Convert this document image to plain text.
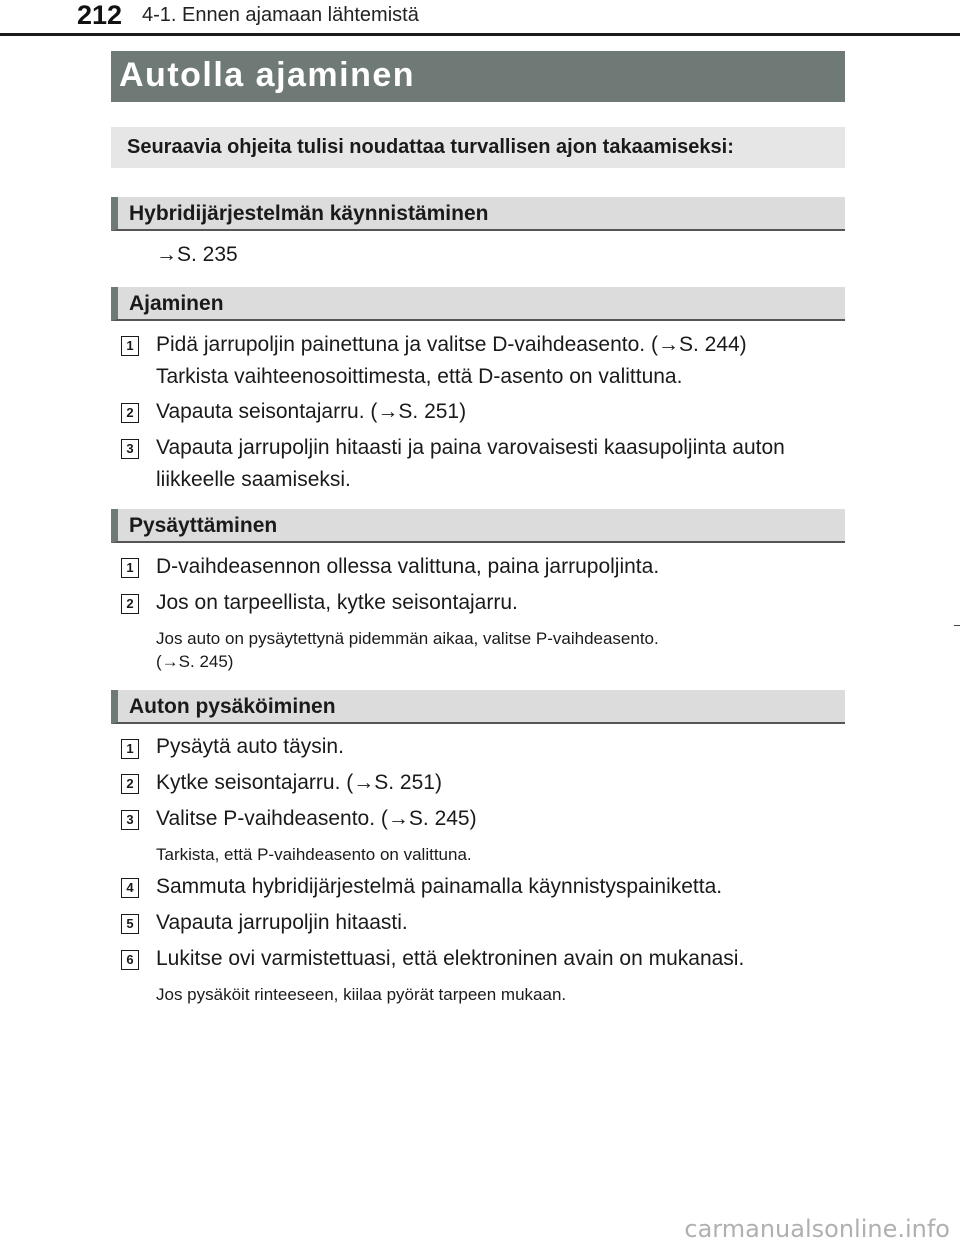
212 4-1. Ennen ajamaan lähtemistä
Autolla ajaminen
Seuraavia ohjeita tulisi noudattaa turvallisen ajon takaamiseksi:
Hybridijärjestelmän käynnistäminen
→S. 235
Ajaminen
1 Pidä jarrupoljin painettuna ja valitse D-vaihdeasento. (→S. 244)
Tarkista vaihteenosoittimesta, että D-asento on valittuna.
2 Vapauta seisontajarru. (→S. 251)
3 Vapauta jarrupoljin hitaasti ja paina varovaisesti kaasupoljinta auton
liikkeelle saamiseksi.
Pysäyttäminen
1 D-vaihdeasennon ollessa valittuna, paina jarrupoljinta.
2 Jos on tarpeellista, kytke seisontajarru.
Jos auto on pysäytettynä pidemmän aikaa, valitse P-vaihdeasento.
(→S. 245)
Auton pysäköiminen
1 Pysäytä auto täysin.
2 Kytke seisontajarru. (→S. 251)
3 Valitse P-vaihdeasento. (→S. 245)
Tarkista, että P-vaihdeasento on valittuna.
4 Sammuta hybridijärjestelmä painamalla käynnistyspainiketta.
5 Vapauta jarrupoljin hitaasti.
6 Lukitse ovi varmistettuasi, että elektroninen avain on mukanasi.
Jos pysäköit rinteeseen, kiilaa pyörät tarpeen mukaan.
carmanualsonline.info
